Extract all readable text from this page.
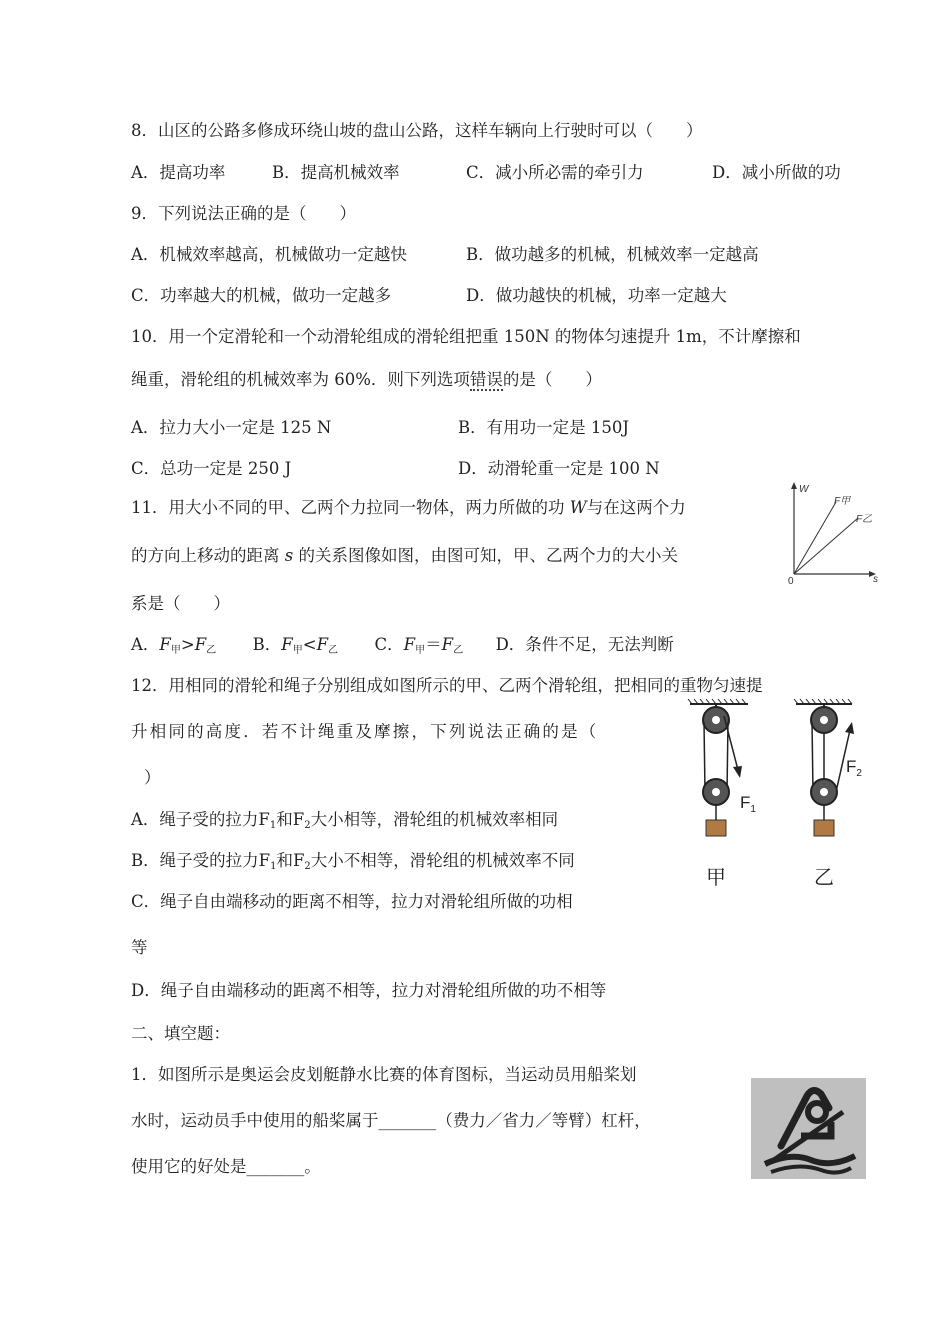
8．山区的公路多修成环绕山坡的盘山公路，这样车辆向上行驶时可以（　　）
A．提高功率	B．提高机械效率	C．减小所必需的牵引力	D．减小所做的功
9．下列说法正确的是（　　）
A．机械效率越高，机械做功一定越快	B．做功越多的机械，机械效率一定越高
C．功率越大的机械，做功一定越多	D．做功越快的机械，功率一定越大
10．用一个定滑轮和一个动滑轮组成的滑轮组把重 150N 的物体匀速提升 1m，不计摩擦和
绳重，滑轮组的机械效率为 60%．则下列选项错误的是（　　）
A．拉力大小一定是 125 N	B．有用功一定是 150J
C．总功一定是 250 J	D．动滑轮重一定是 100 N
11．用大小不同的甲、乙两个力拉同一物体，两力所做的功 W与在这两个力
的方向上移动的距离 s 的关系图像如图，由图可知，甲、乙两个力的大小关
系是（　　）
A．F甲>F乙 B．F甲<F乙 C．F甲＝F乙 D．条件不足，无法判断
W
s
0
F甲
F乙
12．用相同的滑轮和绳子分别组成如图所示的甲、乙两个滑轮组，把相同的重物匀速提
升相同的高度．若不计绳重及摩擦，下列说法正确的是（
）
A．绳子受的拉力$F_1$和$F_2$大小相等，滑轮组的机械效率相同
B．绳子受的拉力$F_1$和$F_2$大小不相等，滑轮组的机械效率不同
C．绳子自由端移动的距离不相等，拉力对滑轮组所做的功相
等
D．绳子自由端移动的距离不相等，拉力对滑轮组所做的功不相等
$F_1$
甲
$F_2$
乙
二、填空题：
1．如图所示是奥运会皮划艇静水比赛的体育图标，当运动员用船桨划
水时，运动员手中使用的船桨属于_______（费力／省力／等臂）杠杆，
使用它的好处是_______。
